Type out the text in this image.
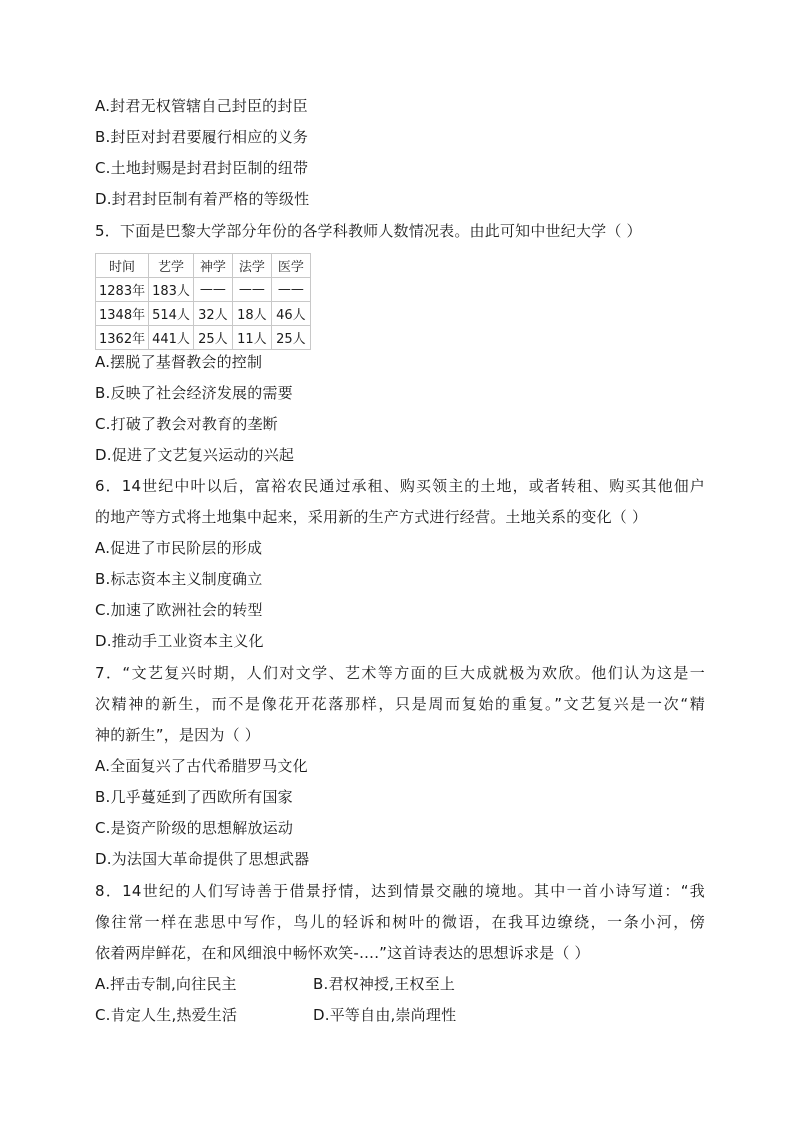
A.封君无权管辖自己封臣的封臣
B.封臣对封君要履行相应的义务
C.土地封赐是封君封臣制的纽带
D.封君封臣制有着严格的等级性
5．下面是巴黎大学部分年份的各学科教师人数情况表。由此可知中世纪大学（ ）
时间	艺学	神学	法学	医学
1283年	183人	——	——	——
1348年	514人	32人	18人	46人
1362年	441人	25人	11人	25人
A.摆脱了基督教会的控制
B.反映了社会经济发展的需要
C.打破了教会对教育的垄断
D.促进了文艺复兴运动的兴起
6．14世纪中叶以后，富裕农民通过承租、购买领主的土地，或者转租、购买其他佃户
的地产等方式将土地集中起来，采用新的生产方式进行经营。土地关系的变化（ ）
A.促进了市民阶层的形成
B.标志资本主义制度确立
C.加速了欧洲社会的转型
D.推动手工业资本主义化
7．“文艺复兴时期，人们对文学、艺术等方面的巨大成就极为欢欣。他们认为这是一
次精神的新生，而不是像花开花落那样，只是周而复始的重复。”文艺复兴是一次“精
神的新生”，是因为（ ）
A.全面复兴了古代希腊罗马文化
B.几乎蔓延到了西欧所有国家
C.是资产阶级的思想解放运动
D.为法国大革命提供了思想武器
8．14世纪的人们写诗善于借景抒情，达到情景交融的境地。其中一首小诗写道：“我
像往常一样在悲思中写作，鸟儿的轻诉和树叶的微语，在我耳边缭绕，一条小河，傍
依着两岸鲜花，在和风细浪中畅怀欢笑-….”这首诗表达的思想诉求是（ ）
A.抨击专制,向往民主	B.君权神授,王权至上
C.肯定人生,热爱生活	D.平等自由,崇尚理性
